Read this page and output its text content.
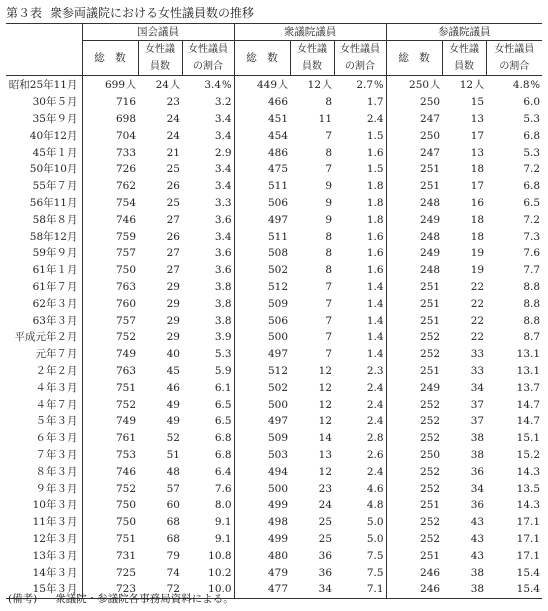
第３表 衆参両議院における女性議員数の推移
	国会議員			衆議院議員			参議院議員		
	総　数	女性議	女性議員	総　数	女性議	女性議員	総　数	女性議	女性議員
		員数	の割合		員数	の割合		員数	の割合
昭和25年11月	699人	24人	3.4%	449人	12人	2.7%	250人	12人	4.8%
30年５月	716	23	3.2	466	8	1.7	250	15	6.0
35年９月	698	24	3.4	451	11	2.4	247	13	5.3
40年12月	704	24	3.4	454	7	1.5	250	17	6.8
45年１月	733	21	2.9	486	8	1.6	247	13	5.3
50年10月	726	25	3.4	475	7	1.5	251	18	7.2
55年７月	762	26	3.4	511	9	1.8	251	17	6.8
56年11月	754	25	3.3	506	9	1.8	248	16	6.5
58年８月	746	27	3.6	497	9	1.8	249	18	7.2
58年12月	759	26	3.4	511	8	1.6	248	18	7.3
59年９月	757	27	3.6	508	8	1.6	249	19	7.6
61年１月	750	27	3.6	502	8	1.6	248	19	7.7
61年７月	763	29	3.8	512	7	1.4	251	22	8.8
62年３月	760	29	3.8	509	7	1.4	251	22	8.8
63年３月	757	29	3.8	506	7	1.4	251	22	8.8
平成元年２月	752	29	3.9	500	7	1.4	252	22	8.7
元年７月	749	40	5.3	497	7	1.4	252	33	13.1
２年２月	763	45	5.9	512	12	2.3	251	33	13.1
４年３月	751	46	6.1	502	12	2.4	249	34	13.7
４年７月	752	49	6.5	500	12	2.4	252	37	14.7
５年３月	749	49	6.5	497	12	2.4	252	37	14.7
６年３月	761	52	6.8	509	14	2.8	252	38	15.1
７年３月	753	51	6.8	503	13	2.6	250	38	15.2
８年３月	746	48	6.4	494	12	2.4	252	36	14.3
９年３月	752	57	7.6	500	23	4.6	252	34	13.5
10年３月	750	60	8.0	499	24	4.8	251	36	14.3
11年３月	750	68	9.1	498	25	5.0	252	43	17.1
12年３月	751	68	9.1	499	25	5.0	252	43	17.1
13年３月	731	79	10.8	480	36	7.5	251	43	17.1
14年３月	725	74	10.2	479	36	7.5	246	38	15.4
15年３月	723	72	10.0	477	34	7.1	246	38	15.4
(備考) 衆議院・参議院各事務局資料による。
